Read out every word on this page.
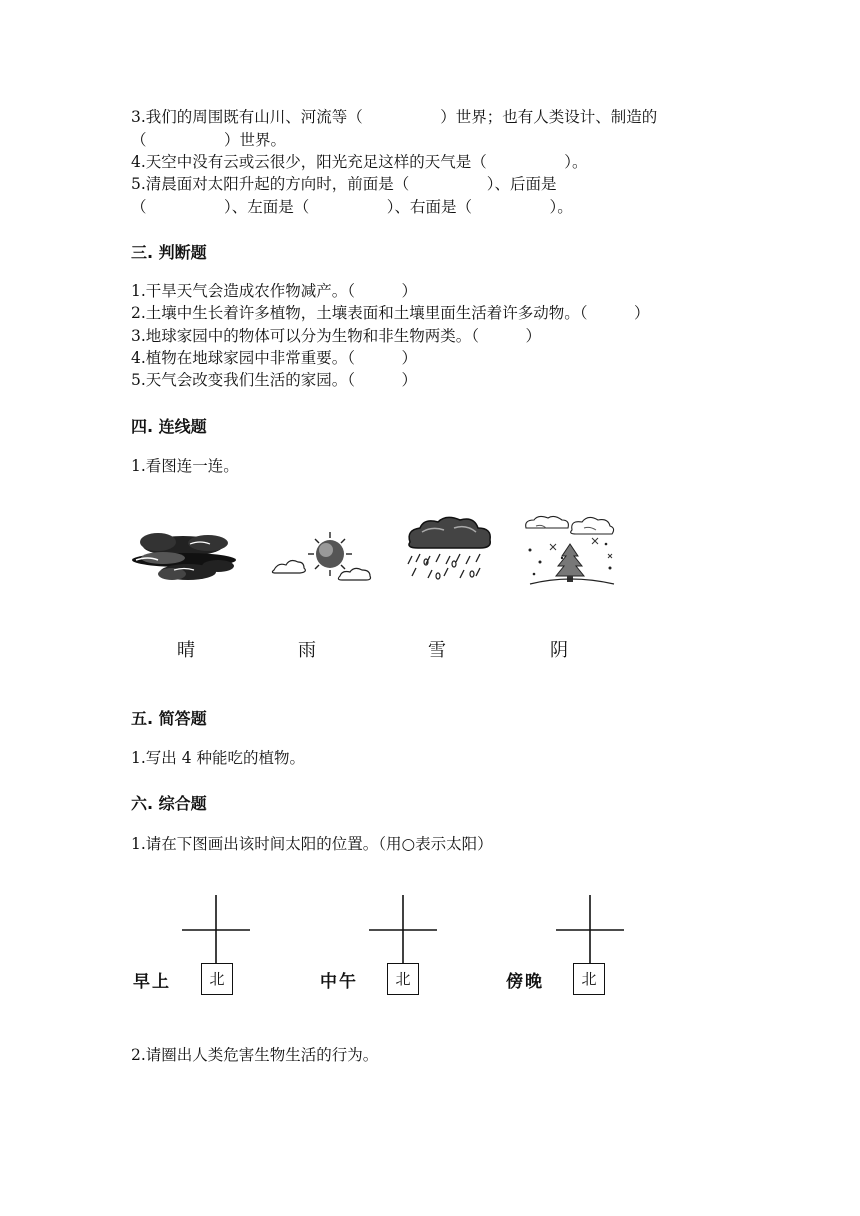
3.我们的周围既有山川、河流等（　　　　　）世界；也有人类设计、制造的
（　　　　　）世界。
4.天空中没有云或云很少，阳光充足这样的天气是（　　　　　）。
5.清晨面对太阳升起的方向时，前面是（　　　　　）、后面是
（　　　　　）、左面是（　　　　　）、右面是（　　　　　）。
三. 判断题
1.干旱天气会造成农作物减产。（　　　）
2.土壤中生长着许多植物，土壤表面和土壤里面生活着许多动物。（　　　）
3.地球家园中的物体可以分为生物和非生物两类。（　　　）
4.植物在地球家园中非常重要。（　　　）
5.天气会改变我们生活的家园。（　　　）
四. 连线题
1.看图连一连。
晴	雨	雪	阴
五. 简答题
1.写出 4 种能吃的植物。
六. 综合题
1.请在下图画出该时间太阳的位置。（用○表示太阳）
早上	北	中午	北	傍晚	北
2.请圈出人类危害生物生活的行为。
